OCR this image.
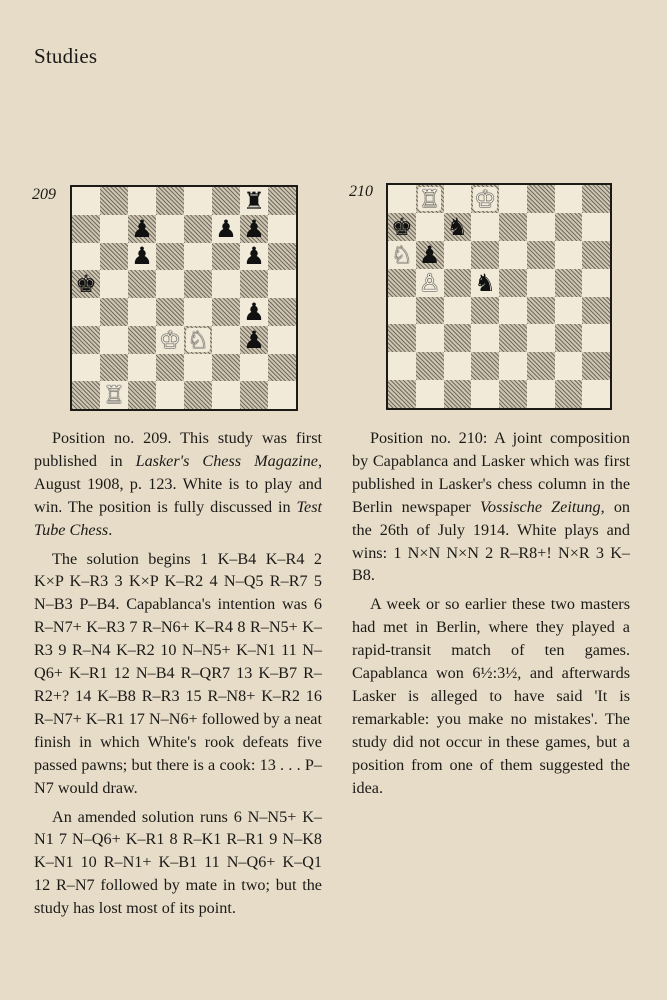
Studies
209	♜
♟	♟ ♟
♟	♟
♚
♟
♔ ♘ ♟
♖
210 ♖ ♔
♚ ♞
♘ ♟
♙ ♞

Position no. 209. This study was first published in Lasker's Chess Magazine, August 1908, p. 123. White is to play and win. The position is fully discussed in Test Tube Chess.

The solution begins 1 K–B4 K–R4 2 K×P K–R3 3 K×P K–R2 4 N–Q5 R–R7 5 N–B3 P–B4. Capablanca's intention was 6 R–N7+ K–R3 7 R–N6+ K–R4 8 R–N5+ K–R3 9 R–N4 K–R2 10 N–N5+ K–N1 11 N–Q6+ K–R1 12 N–B4 R–QR7 13 K–B7 R–R2+? 14 K–B8 R–R3 15 R–N8+ K–R2 16 R–N7+ K–R1 17 N–N6+ followed by a neat finish in which White's rook defeats five passed pawns; but there is a cook: 13 . . . P–N7 would draw.

An amended solution runs 6 N–N5+ K–N1 7 N–Q6+ K–R1 8 R–K1 R–R1 9 N–K8 K–N1 10 R–N1+ K–B1 11 N–Q6+ K–Q1 12 R–N7 followed by mate in two; but the study has lost most of its point.

Position no. 210: A joint composition by Capablanca and Lasker which was first published in Lasker's chess column in the Berlin newspaper Vossische Zeitung, on the 26th of July 1914. White plays and wins: 1 N×N N×N 2 R–R8+! N×R 3 K–B8.

A week or so earlier these two masters had met in Berlin, where they played a rapid-transit match of ten games. Capablanca won 6½:3½, and afterwards Lasker is alleged to have said 'It is remarkable: you make no mistakes'. The study did not occur in these games, but a position from one of them suggested the idea.
